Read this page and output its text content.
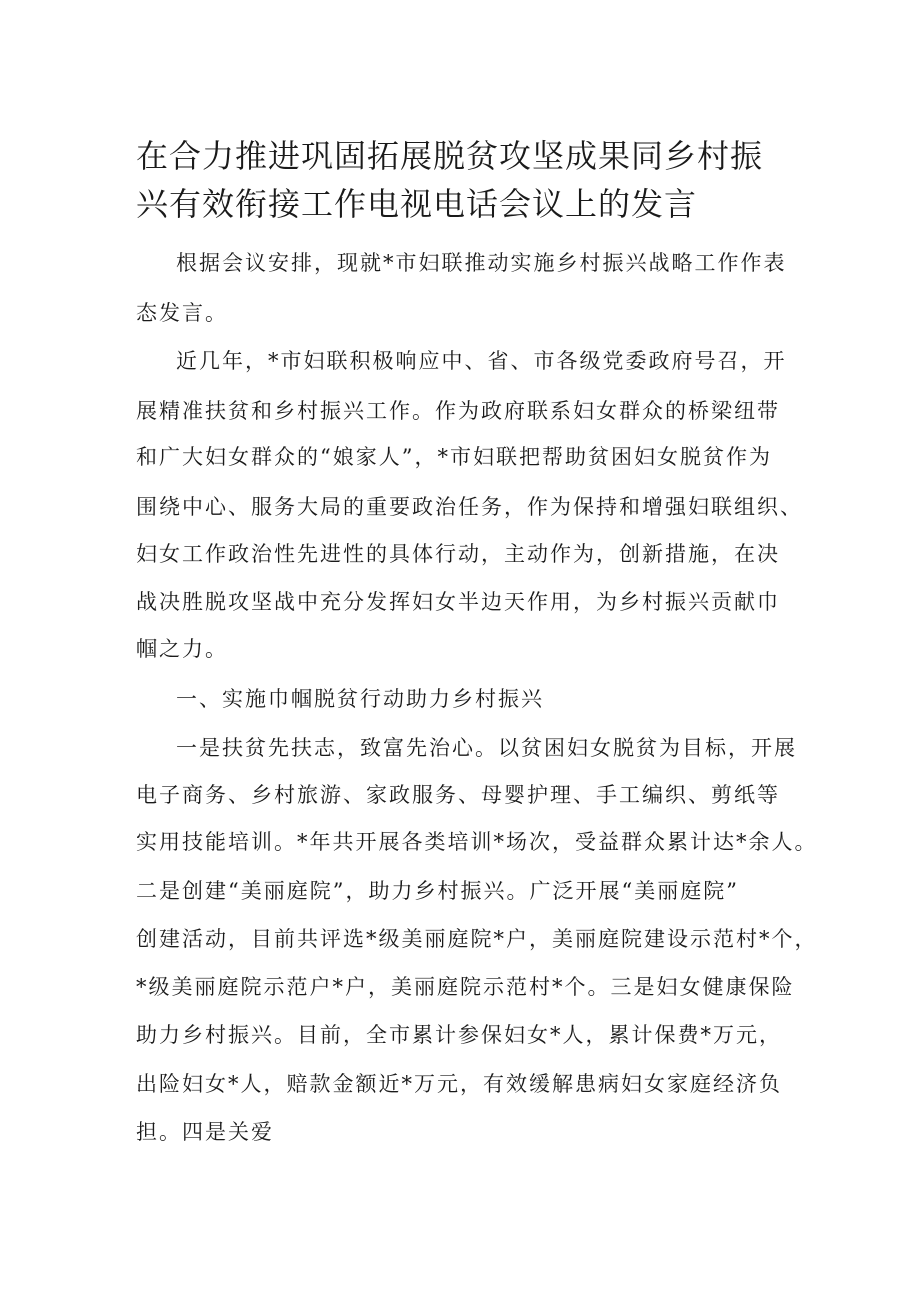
在合力推进巩固拓展脱贫攻坚成果同乡村振
兴有效衔接工作电视电话会议上的发言
根据会议安排，现就*市妇联推动实施乡村振兴战略工作作表
态发言。
近几年，*市妇联积极响应中、省、市各级党委政府号召，开
展精准扶贫和乡村振兴工作。作为政府联系妇女群众的桥梁纽带
和广大妇女群众的“娘家人”，*市妇联把帮助贫困妇女脱贫作为
围绕中心、服务大局的重要政治任务，作为保持和增强妇联组织、
妇女工作政治性先进性的具体行动，主动作为，创新措施，在决
战决胜脱攻坚战中充分发挥妇女半边天作用，为乡村振兴贡献巾
帼之力。
一、实施巾帼脱贫行动助力乡村振兴
一是扶贫先扶志，致富先治心。以贫困妇女脱贫为目标，开展
电子商务、乡村旅游、家政服务、母婴护理、手工编织、剪纸等
实用技能培训。*年共开展各类培训*场次，受益群众累计达*余人。
二是创建“美丽庭院”，助力乡村振兴。广泛开展“美丽庭院”
创建活动，目前共评选*级美丽庭院*户，美丽庭院建设示范村*个，
*级美丽庭院示范户*户，美丽庭院示范村*个。三是妇女健康保险
助力乡村振兴。目前，全市累计参保妇女*人，累计保费*万元，
出险妇女*人，赔款金额近*万元，有效缓解患病妇女家庭经济负
担。四是关爱
